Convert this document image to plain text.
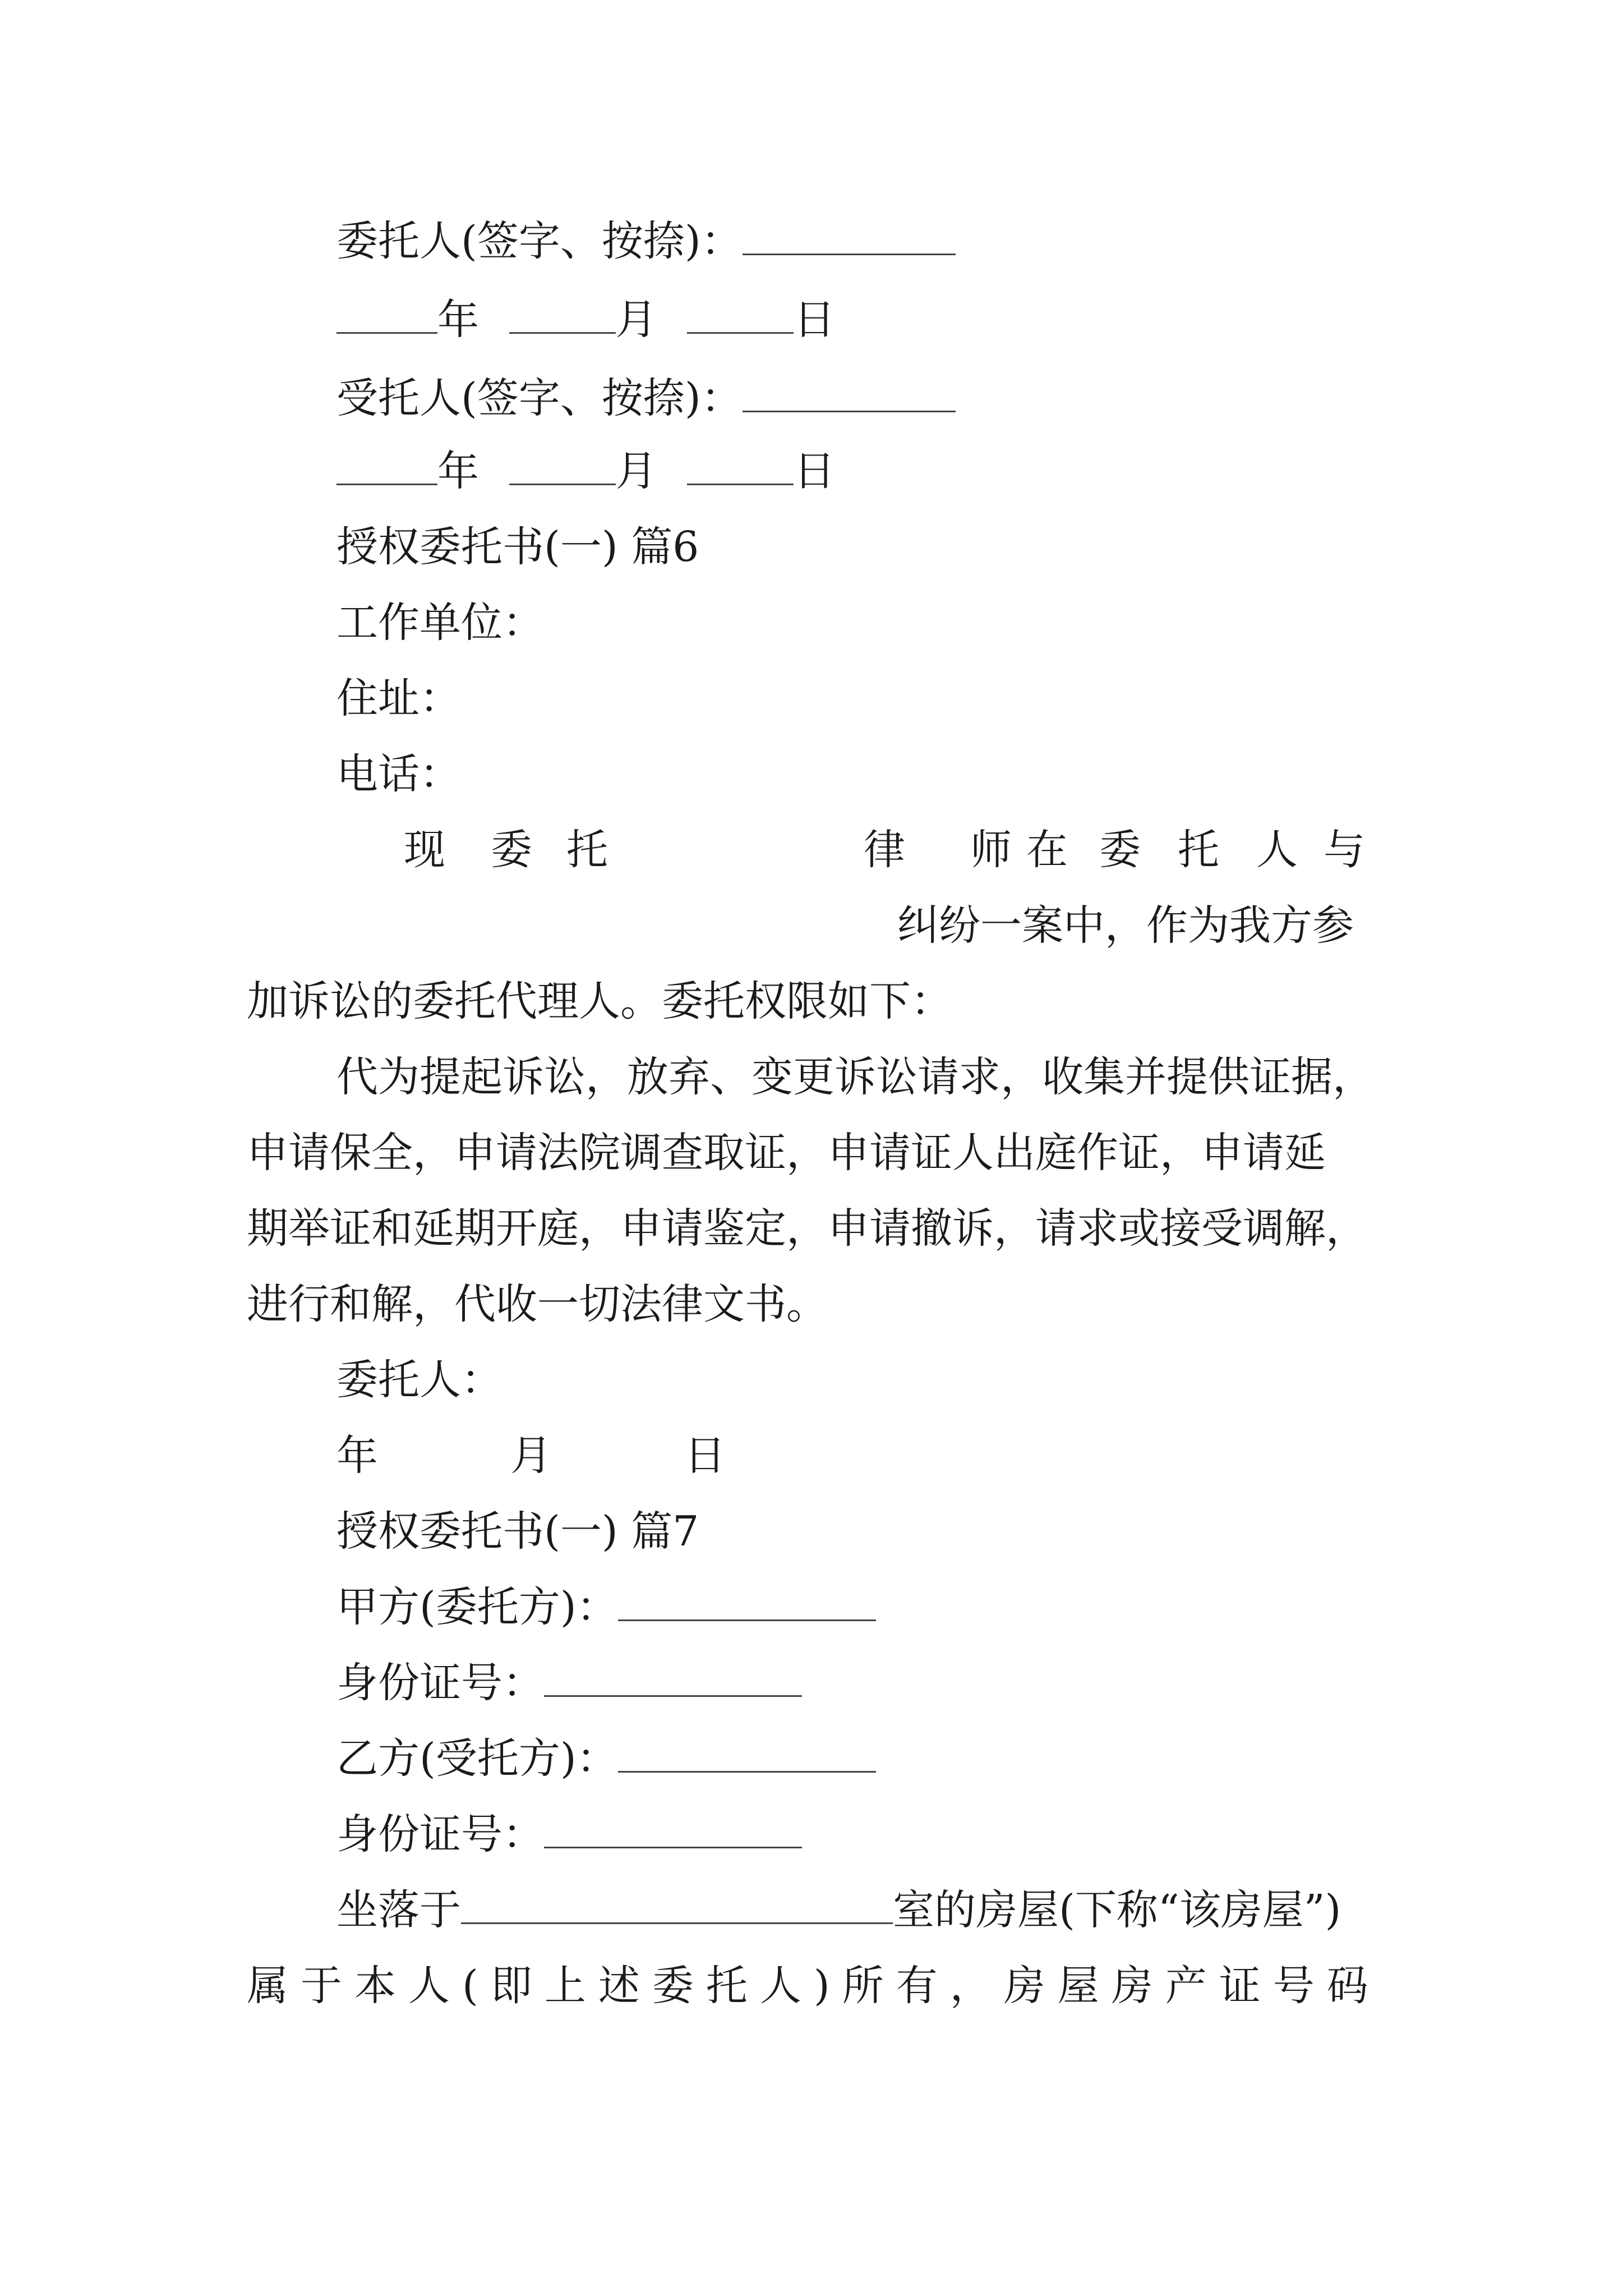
委托人(签字、按捺)：
年	月	日
受托人(签字、按捺)：
年	月	日
授权委托书(一) 篇6
工作单位：
住址：
电话：
现 委 托	律 师 在 委 托 人 与
纠纷一案中，作为我方参
加诉讼的委托代理人。委托权限如下：
代为提起诉讼，放弃、变更诉讼请求，收集并提供证据，
申请保全，申请法院调查取证，申请证人出庭作证，申请延
期举证和延期开庭，申请鉴定，申请撤诉，请求或接受调解，
进行和解，代收一切法律文书。
委托人：
年	月	日
授权委托书(一) 篇7
甲方(委托方)：
身份证号：
乙方(受托方)：
身份证号：
坐落于	室的房屋(下称“该房屋”)
属 于 本 人 ( 即 上 述 委 托 人 ) 所 有 ， 房 屋 房 产 证 号 码
